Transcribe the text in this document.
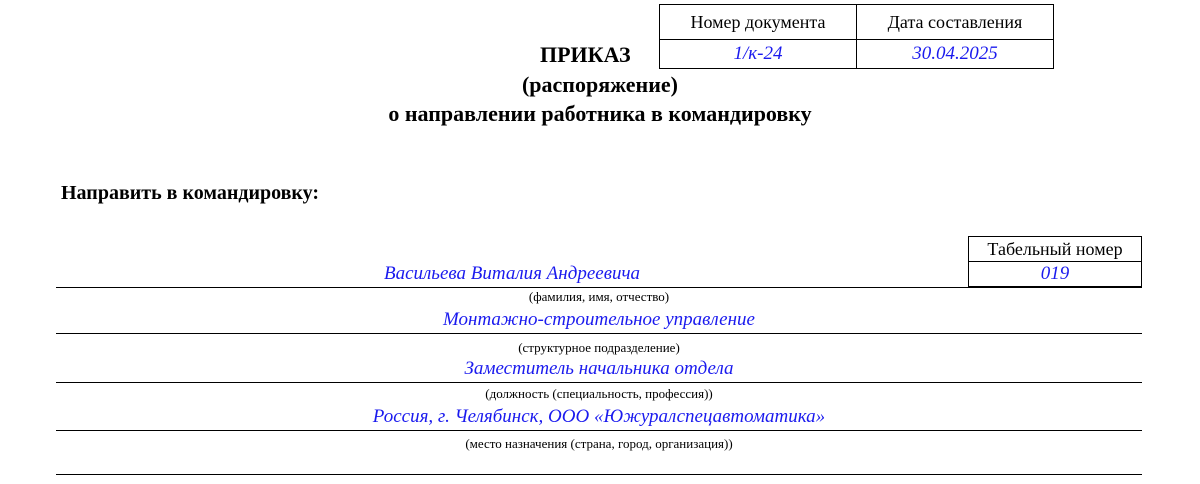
Номер документа	Дата составления
1/к-24	30.04.2025
ПРИКАЗ
(распоряжение)
о направлении работника в командировку
Направить в командировку:
Табельный номер
019
Васильева Виталия Андреевича
(фамилия, имя, отчество)
Монтажно-строительное управление
(структурное подразделение)
Заместитель начальника отдела
(должность (специальность, профессия))
Россия, г. Челябинск, ООО «Южуралспецавтоматика»
(место назначения (страна, город, организация))
